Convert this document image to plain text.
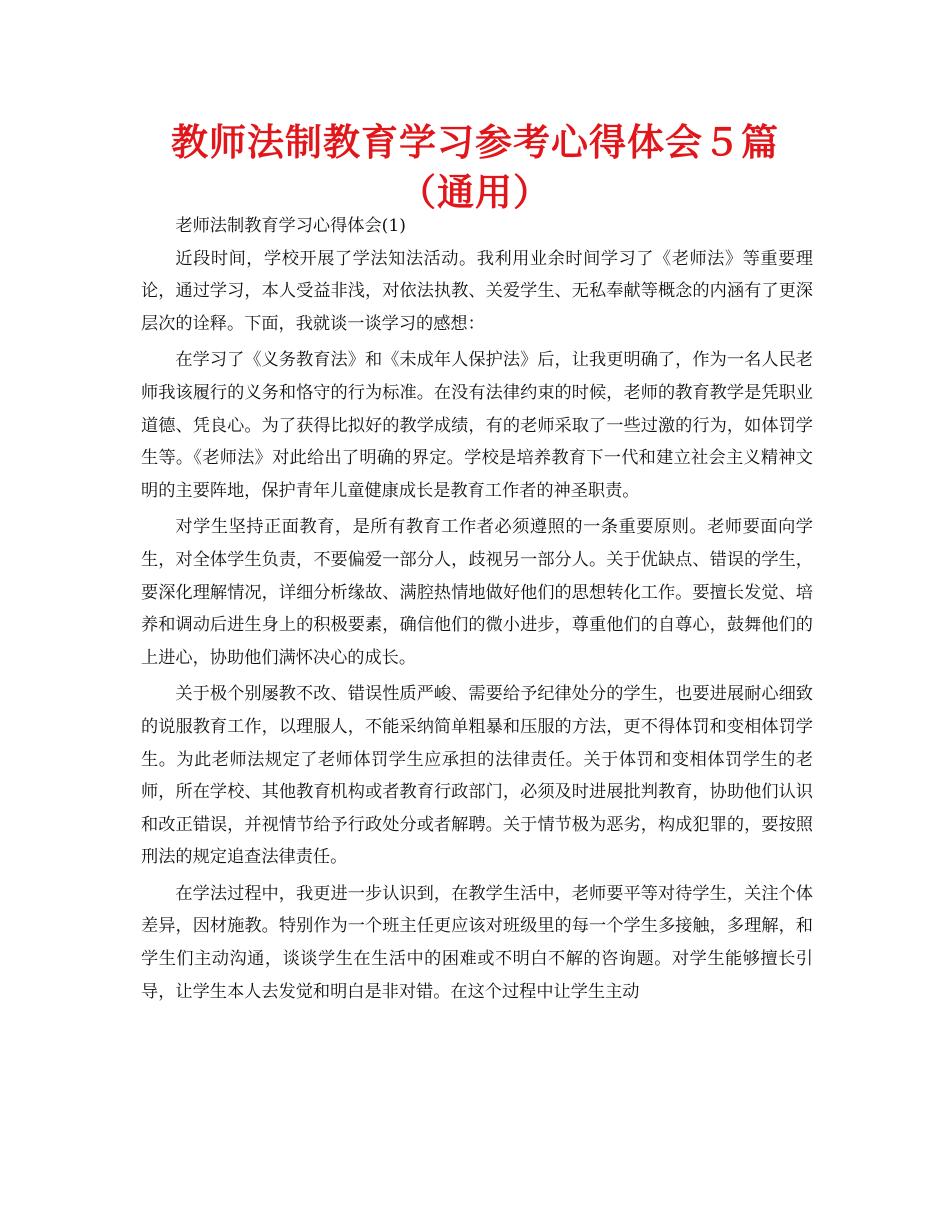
教师法制教育学习参考心得体会５篇（通用）

老师法制教育学习心得体会(1)

近段时间，学校开展了学法知法活动。我利用业余时间学习了《老师法》等重要理论，通过学习，本人受益非浅，对依法执教、关爱学生、无私奉献等概念的内涵有了更深层次的诠释。下面，我就谈一谈学习的感想：

在学习了《义务教育法》和《未成年人保护法》后，让我更明确了，作为一名人民老师我该履行的义务和恪守的行为标准。在没有法律约束的时候，老师的教育教学是凭职业道德、凭良心。为了获得比拟好的教学成绩，有的老师采取了一些过激的行为，如体罚学生等。《老师法》对此给出了明确的界定。学校是培养教育下一代和建立社会主义精神文明的主要阵地，保护青年儿童健康成长是教育工作者的神圣职责。

对学生坚持正面教育，是所有教育工作者必须遵照的一条重要原则。老师要面向学生，对全体学生负责，不要偏爱一部分人，歧视另一部分人。关于优缺点、错误的学生，要深化理解情况，详细分析缘故、满腔热情地做好他们的思想转化工作。要擅长发觉、培养和调动后进生身上的积极要素，确信他们的微小进步，尊重他们的自尊心，鼓舞他们的上进心，协助他们满怀决心的成长。

关于极个别屡教不改、错误性质严峻、需要给予纪律处分的学生，也要进展耐心细致的说服教育工作，以理服人，不能采纳简单粗暴和压服的方法，更不得体罚和变相体罚学生。为此老师法规定了老师体罚学生应承担的法律责任。关于体罚和变相体罚学生的老师，所在学校、其他教育机构或者教育行政部门，必须及时进展批判教育，协助他们认识和改正错误，并视情节给予行政处分或者解聘。关于情节极为恶劣，构成犯罪的，要按照刑法的规定追查法律责任。

在学法过程中，我更进一步认识到，在教学生活中，老师要平等对待学生，关注个体差异，因材施教。特别作为一个班主任更应该对班级里的每一个学生多接触，多理解，和学生们主动沟通，谈谈学生在生活中的困难或不明白不解的咨询题。对学生能够擅长引导，让学生本人去发觉和明白是非对错。在这个过程中让学生主动
